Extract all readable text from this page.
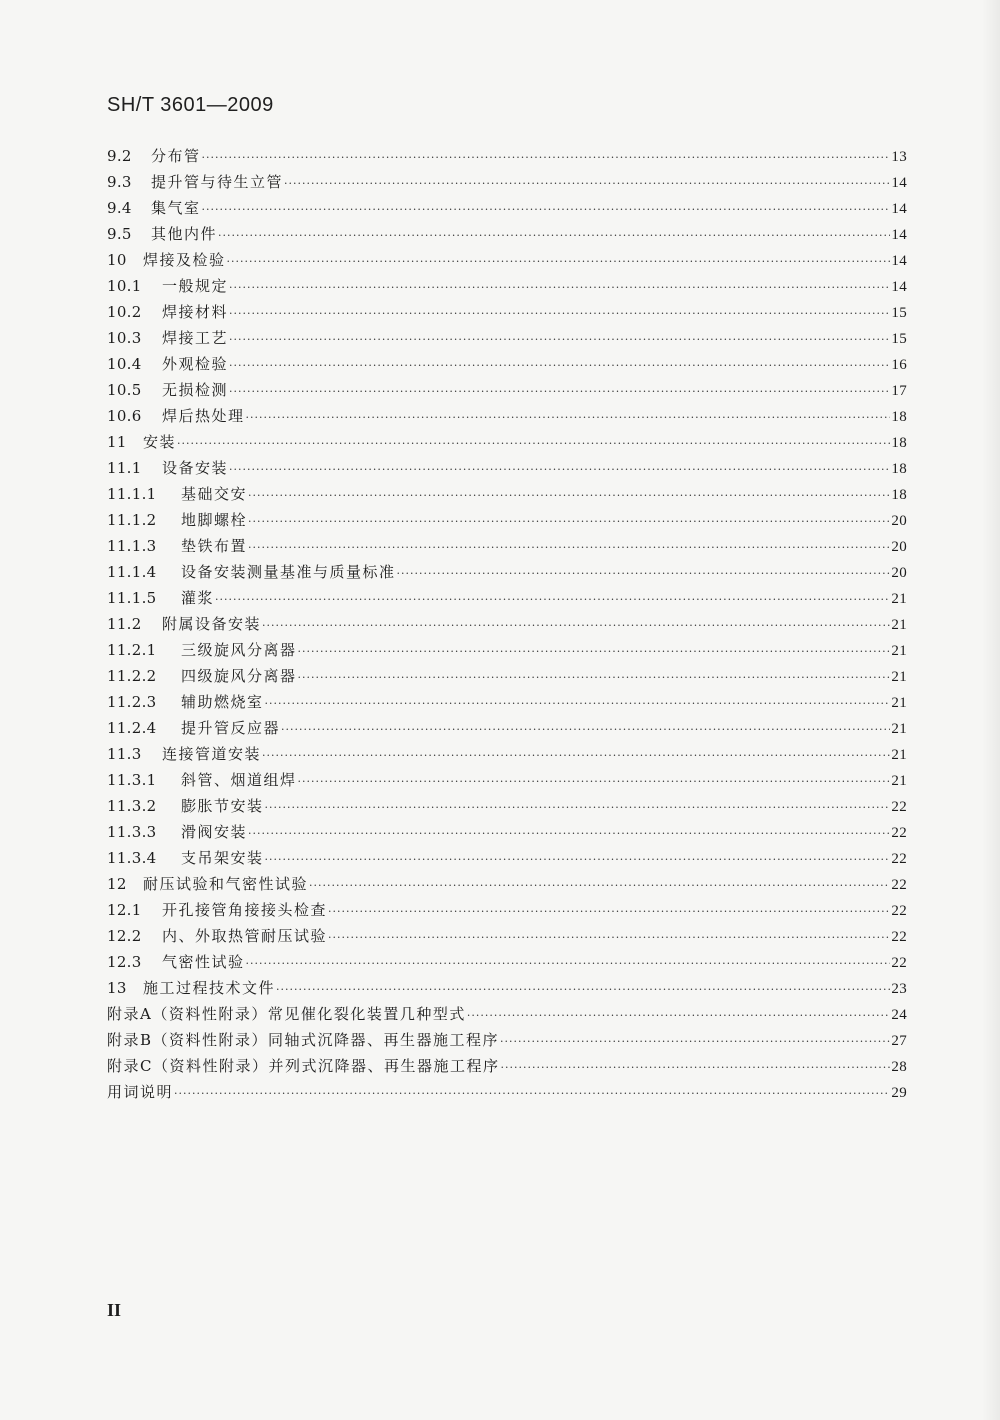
SH/T 3601—2009
9.2	分布管 ·····	13
9.3	提升管与待生立管 ·····	14
9.4	集气室 ·····	14
9.5	其他内件 ·····	14
10	焊接及检验 ·····	14
10.1	一般规定 ·····	14
10.2	焊接材料 ·····	15
10.3	焊接工艺 ·····	15
10.4	外观检验 ·····	16
10.5	无损检测 ·····	17
10.6	焊后热处理 ·····	18
11	安装 ·····	18
11.1	设备安装 ·····	18
11.1.1	基础交安 ·····	18
11.1.2	地脚螺栓 ·····	20
11.1.3	垫铁布置 ·····	20
11.1.4	设备安装测量基准与质量标准 ·····	20
11.1.5	灌浆 ·····	21
11.2	附属设备安装 ·····	21
11.2.1	三级旋风分离器 ·····	21
11.2.2	四级旋风分离器 ·····	21
11.2.3	辅助燃烧室 ·····	21
11.2.4	提升管反应器 ·····	21
11.3	连接管道安装 ·····	21
11.3.1	斜管、烟道组焊 ·····	21
11.3.2	膨胀节安装 ·····	22
11.3.3	滑阀安装 ·····	22
11.3.4	支吊架安装 ·····	22
12	耐压试验和气密性试验 ·····	22
12.1	开孔接管角接接头检查 ·····	22
12.2	内、外取热管耐压试验 ·····	22
12.3	气密性试验 ·····	22
13	施工过程技术文件 ·····	23
附录A（资料性附录）常见催化裂化装置几种型式 ·····	24
附录B（资料性附录）同轴式沉降器、再生器施工程序 ·····	27
附录C（资料性附录）并列式沉降器、再生器施工程序 ·····	28
用词说明 ·····	29
II
